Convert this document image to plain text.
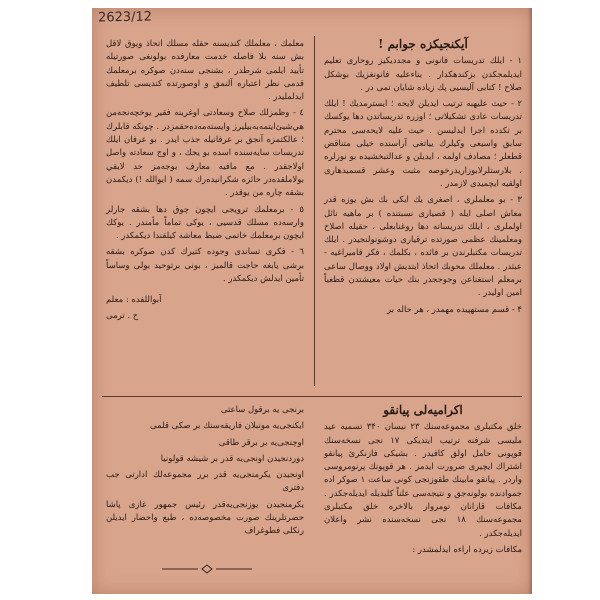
2623/12
آیکنجیکزه جوابم !

۱ - ایلك تدریسات فانونی و مجددیکیز روحاری تعلیم ایدیلمجکدن بزکندهکدار . بناءعلیه فانونغزیك بوشكل صلاح ! کتابی آلیسیی پك زیاده شایان تمی در .

۲ - حیث علیهبه ترتیب ایدیلن لایحه ؛ ایسترمدیك ! ایلك تدریسات عادی تشکیلاتی ؛ اوزره تدریساتدن دها یوکسك بر تکدده اجرا ایدلیسن . حیث علیه لایحه‌سی محترم سابق واسیعی وکیلرك ییاتغی آراسنده خیلی متناقض قطعلر ؛ مصادف اولمه ، ایدیلن و عدالتبخشیده بو نوزلره ، بلارستلرلابوزاریدرخوصه مثبت وعشر قسمیدهاری اولقیه ایچمیدی لازمدر .

۳ - بو معلملری ، اصغری یك ایکی بك بش یوزه قدر معاش اصلی ایله ( قصیاری نسبتنده ) بر ماهیه نائل اولملری ، ایلك تدریساته دها روغنابعلی ، حقیله اصلاح ومعلمینك عظمی صورتده ترقیاری دوشونولنجیدر . ایلك تدریسات مکتبلرندن بر فائده ، بکلمك ، فکر قامیراغیه - عبثدر . معلملك محوبك اتحاذ ایتدیش اولاد ووصال ساعی برمعلم استغناعن وجوججدر بنك حیات معیشتدن قطعیاً امین اولیدر .

۴ - قسم مستهپیده مهمدر ، هر حاله بر

معلمك ، معلملك کنديسنه حقله مسلك اتحاذ ويوق لاقل بش سنه بلا فاصله خدمت معارفده بولونغی صورتيله تأييد ايلمی شرطدر ، بشنجی سنه‌دن صوكره برمعلمك قدمی نظر اعتباره آلنمق و اوصورتده كنديسی تلطيف ايدلمليدر .

٤ - وظمزلك صلاح وسعادتی اوغرينه فقير يوخچه‌نجه‌من هي‌شيئ‌ايتمه‌به‌بيلیرز وايسته‌مه‌ده‌حقمزدر . چونكه قابلرك ؛ عالكتمزه آنجق بر عرفانيله جذب ايدر . بو عرفان ايلك تدريسات سايه‌سنده اسده بو يجك ، و اوج سعادته واصل اولاجقدر . مع مافيه معارف بوجه‌مز حد لايقي بولاملقده‌در حائزه شكرانيده‌رك سمه‌ ( ايوالله !) ديكمدن بشقه چاره من يوقدر .

٥ - برمعلمك ترويجی ایچون چوق دها بشقه جارلر وارسه‌ده مسلك قدسيی ، يوكی تماماً مأمندر . يوكك ايچون برمعلمك خاتمی ضبط معاشه کيلقندا ديكمكدر .

٦ - فكری تساندی وجوده کتيرك كدن صوكره بشقه برشی يابغه حاجت قالميز ، بونی برتوحيد بولی وساساً تأمين ايدلش ديكمكدر .

آبواللفده : معلم
ح . ترمی
اکرامیه‌لی پیانقو

خلق مکتبلری مجموعه‌سنك ۲۳ نیسان ۳۴۰ تسمیه عید ملیسی شرفنه ترتیب ایتدیکی ۱۷ نجی نسخه‌سنك قوپونی حامل اولق کافیدر . بشیکی فازنکرئ پیانقو اشتراك ایچیری ضرورت ایدمز . هر قوپونك پرنومروسی واردر . پیانقو مابینك طقوزنجی کونی ساعت ۱ صوکر اده‌ جموادنده‌ بولونه‌جق و نتیجه‌سی علناً کلیدیله‌ ایدیله‌جکدر . مکافات قازانان نومروار بالاخره خلق مکتبلری مجموعه‌سنك ۱۸ نجی نسخه‌سنده نشر واعلان ایدیله‌جکدر .

مکافات زیرده اراءه ایدلمشدر :

برنجی یه برقول ساعتی

ایکنجی‌یه مونبلان فاریقه‌سنك بر صکی قلمی

اوچنجی‌یه بر برقر طاقی

دوردنجیدن اونجی‌یه قدر بر شیشه قولونیا

اونجیدن یکرمنجی‌یه قدر برر مجموعه‌لك ادارتی جب دفتری

یکرمنجیدن یوزنجی‌یه‌قدر رئیس جمهور غازی پاشا حضرتلرینك صورت مخصوصه‌ده ، طبع واحضار ایدیلن رنکلی فطوغراف
